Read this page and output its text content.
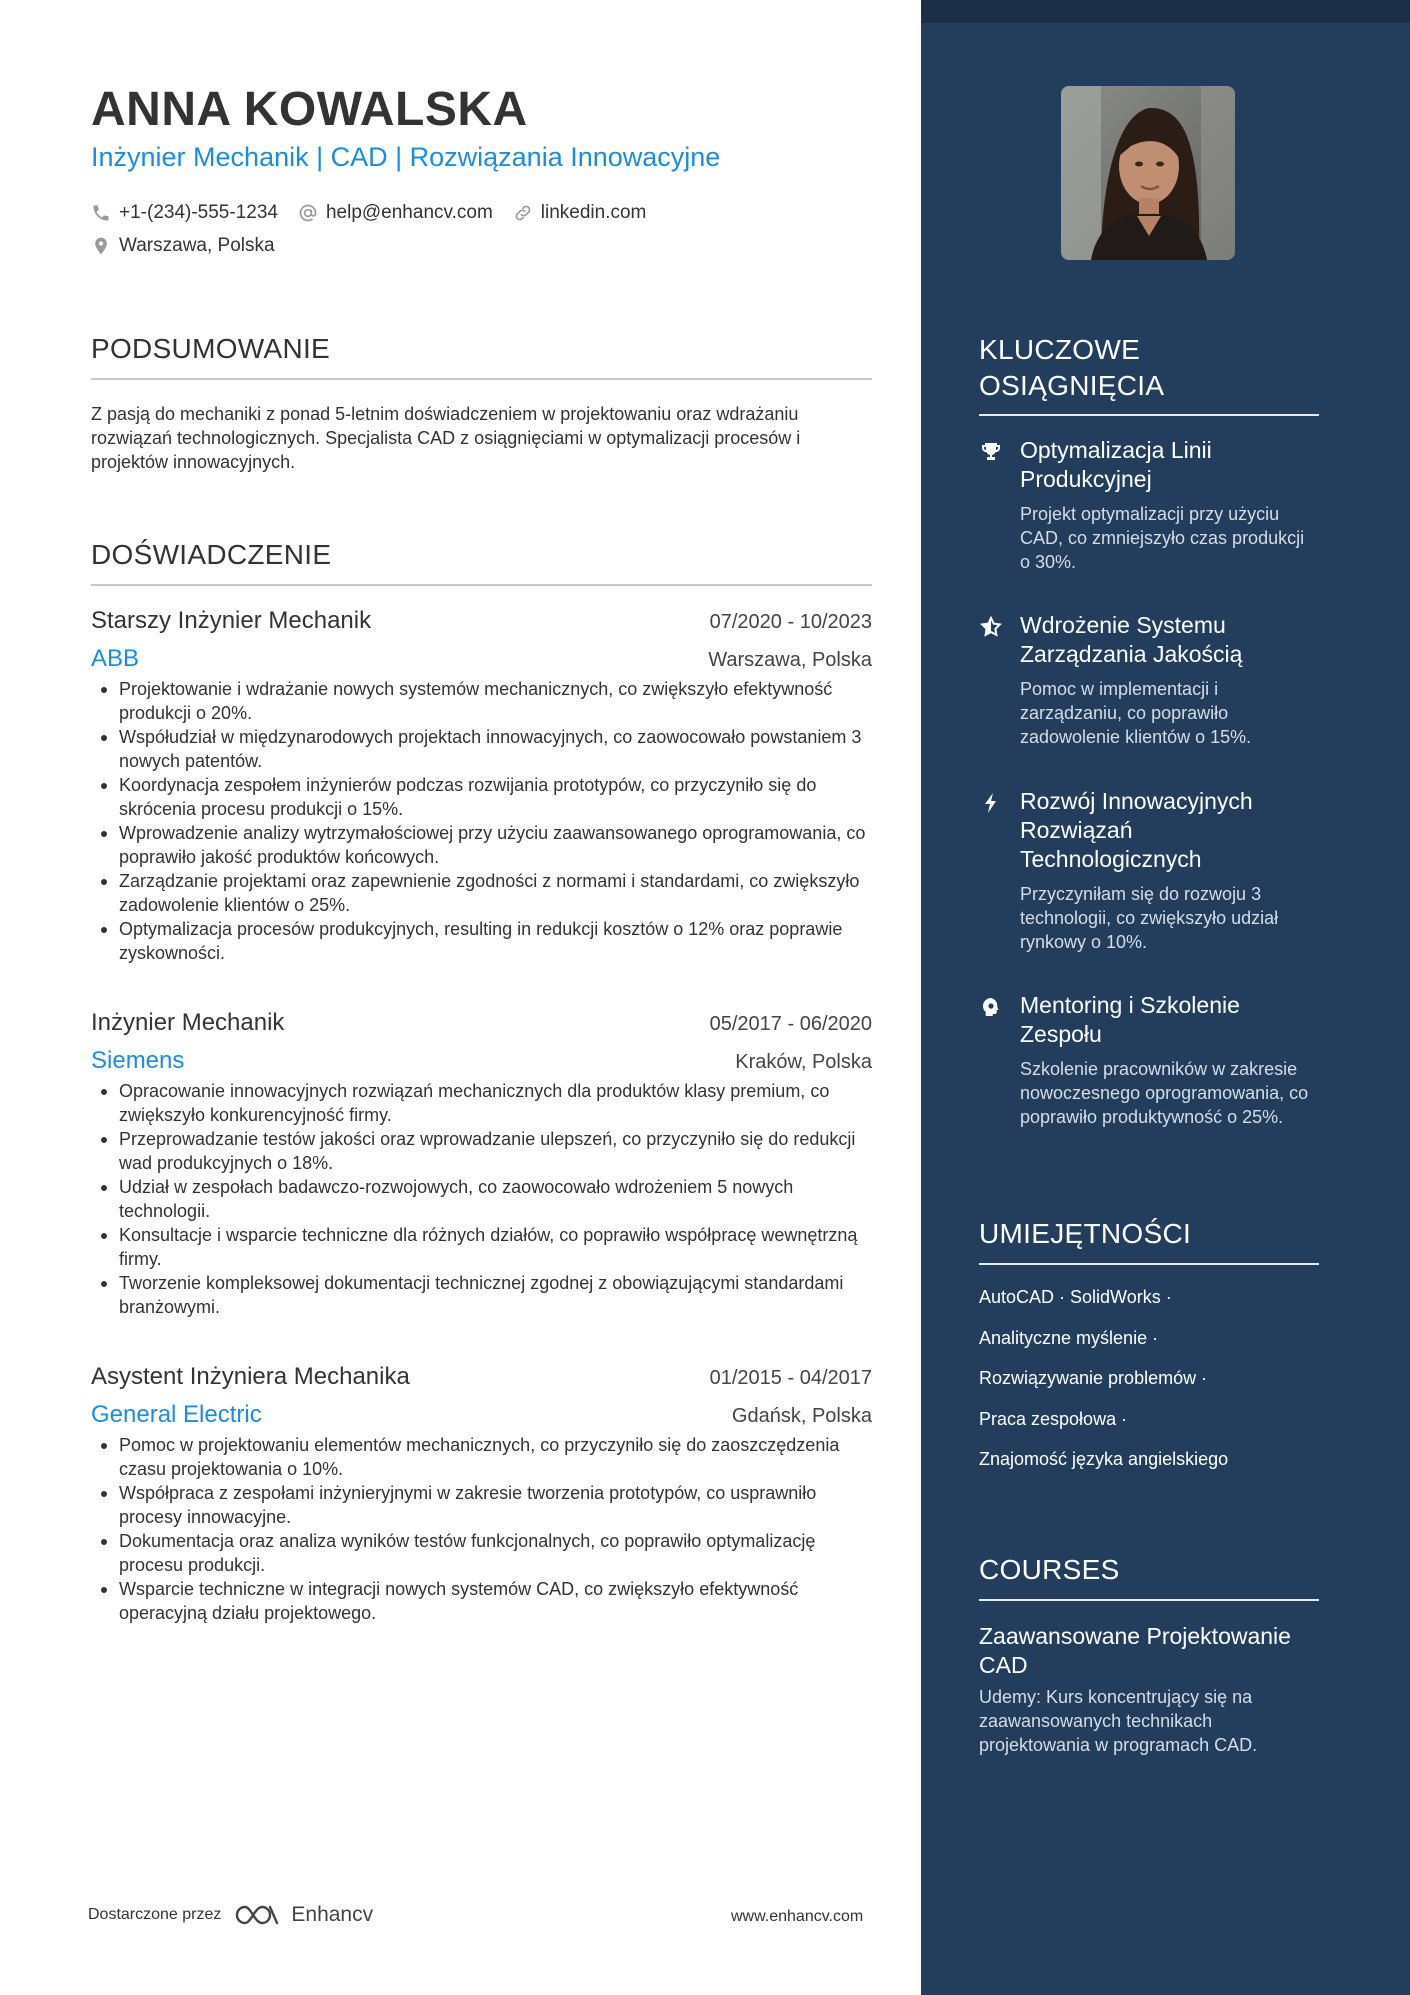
ANNA KOWALSKA
Inżynier Mechanik | CAD | Rozwiązania Innowacyjne
+1-(234)-555-1234	help@enhancv.com	linkedin.com
Warszawa, Polska
PODSUMOWANIE
Z pasją do mechaniki z ponad 5-letnim doświadczeniem w projektowaniu oraz wdrażaniu rozwiązań technologicznych. Specjalista CAD z osiągnięciami w optymalizacji procesów i projektów innowacyjnych.
DOŚWIADCZENIE
Starszy Inżynier Mechanik	07/2020 - 10/2023
ABB	Warszawa, Polska
Projektowanie i wdrażanie nowych systemów mechanicznych, co zwiększyło efektywność produkcji o 20%.
Współudział w międzynarodowych projektach innowacyjnych, co zaowocowało powstaniem 3 nowych patentów.
Koordynacja zespołem inżynierów podczas rozwijania prototypów, co przyczyniło się do skrócenia procesu produkcji o 15%.
Wprowadzenie analizy wytrzymałościowej przy użyciu zaawansowanego oprogramowania, co poprawiło jakość produktów końcowych.
Zarządzanie projektami oraz zapewnienie zgodności z normami i standardami, co zwiększyło zadowolenie klientów o 25%.
Optymalizacja procesów produkcyjnych, resulting in redukcji kosztów o 12% oraz poprawie zyskowności.
Inżynier Mechanik	05/2017 - 06/2020
Siemens	Kraków, Polska
Opracowanie innowacyjnych rozwiązań mechanicznych dla produktów klasy premium, co zwiększyło konkurencyjność firmy.
Przeprowadzanie testów jakości oraz wprowadzanie ulepszeń, co przyczyniło się do redukcji wad produkcyjnych o 18%.
Udział w zespołach badawczo-rozwojowych, co zaowocowało wdrożeniem 5 nowych technologii.
Konsultacje i wsparcie techniczne dla różnych działów, co poprawiło współpracę wewnętrzną firmy.
Tworzenie kompleksowej dokumentacji technicznej zgodnej z obowiązującymi standardami branżowymi.
Asystent Inżyniera Mechanika	01/2015 - 04/2017
General Electric	Gdańsk, Polska
Pomoc w projektowaniu elementów mechanicznych, co przyczyniło się do zaoszczędzenia czasu projektowania o 10%.
Współpraca z zespołami inżynieryjnymi w zakresie tworzenia prototypów, co usprawniło procesy innowacyjne.
Dokumentacja oraz analiza wyników testów funkcjonalnych, co poprawiło optymalizację procesu produkcji.
Wsparcie techniczne w integracji nowych systemów CAD, co zwiększyło efektywność operacyjną działu projektowego.
Dostarczone przez	Enhancv	www.enhancv.com
KLUCZOWE
OSIĄGNIĘCIA
Optymalizacja Linii Produkcyjnej
Projekt optymalizacji przy użyciu CAD, co zmniejszyło czas produkcji o 30%.
Wdrożenie Systemu Zarządzania Jakością
Pomoc w implementacji i zarządzaniu, co poprawiło zadowolenie klientów o 15%.
Rozwój Innowacyjnych Rozwiązań Technologicznych
Przyczyniłam się do rozwoju 3 technologii, co zwiększyło udział rynkowy o 10%.
Mentoring i Szkolenie Zespołu
Szkolenie pracowników w zakresie nowoczesnego oprogramowania, co poprawiło produktywność o 25%.
UMIEJĘTNOŚCI
AutoCAD · SolidWorks ·
Analityczne myślenie ·
Rozwiązywanie problemów ·
Praca zespołowa ·
Znajomość języka angielskiego
COURSES
Zaawansowane Projektowanie CAD
Udemy: Kurs koncentrujący się na zaawansowanych technikach projektowania w programach CAD.
